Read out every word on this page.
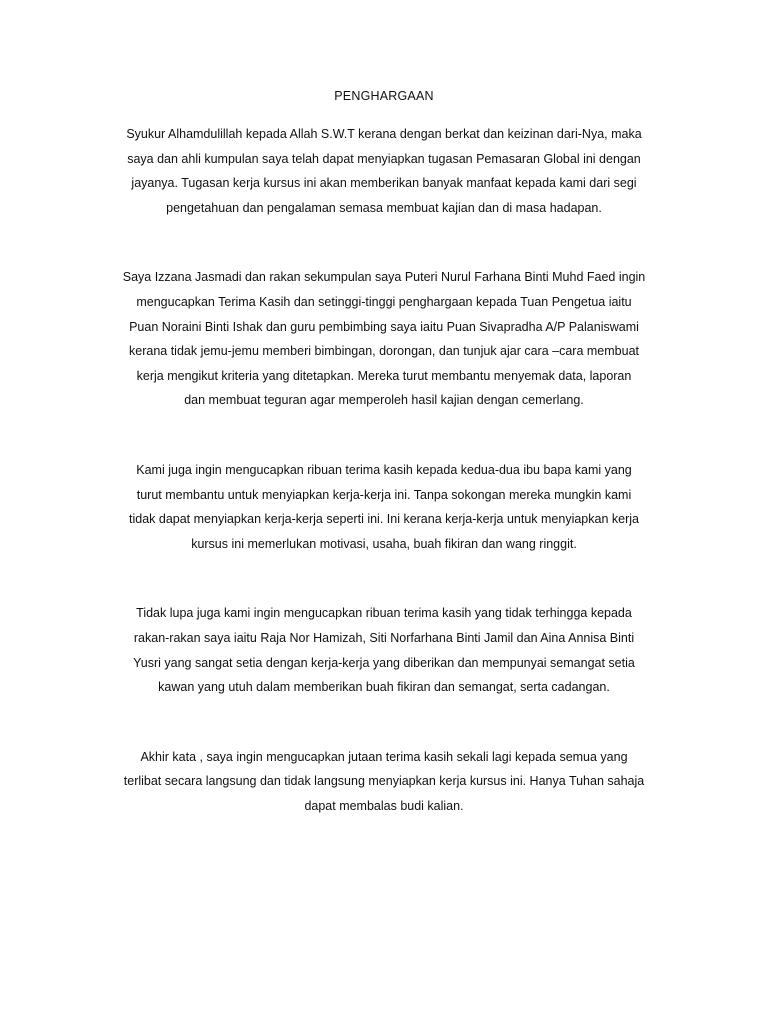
PENGHARGAAN

Syukur Alhamdulillah kepada Allah S.W.T kerana dengan berkat dan keizinan dari-Nya, maka
saya dan ahli kumpulan saya telah dapat menyiapkan tugasan Pemasaran Global ini dengan
jayanya. Tugasan kerja kursus ini akan memberikan banyak manfaat kepada kami dari segi
pengetahuan dan pengalaman semasa membuat kajian dan di masa hadapan.

Saya Izzana Jasmadi dan rakan sekumpulan saya Puteri Nurul Farhana Binti Muhd Faed ingin
mengucapkan Terima Kasih dan setinggi-tinggi penghargaan kepada Tuan Pengetua iaitu
Puan Noraini Binti Ishak dan guru pembimbing saya iaitu Puan Sivapradha A/P Palaniswami
kerana tidak jemu-jemu memberi bimbingan, dorongan, dan tunjuk ajar cara –cara membuat
kerja mengikut kriteria yang ditetapkan. Mereka turut membantu menyemak data, laporan
dan membuat teguran agar memperoleh hasil kajian dengan cemerlang.

Kami juga ingin mengucapkan ribuan terima kasih kepada kedua-dua ibu bapa kami yang
turut membantu untuk menyiapkan kerja-kerja ini. Tanpa sokongan mereka mungkin kami
tidak dapat menyiapkan kerja-kerja seperti ini. Ini kerana kerja-kerja untuk menyiapkan kerja
kursus ini memerlukan motivasi, usaha, buah fikiran dan wang ringgit.

Tidak lupa juga kami ingin mengucapkan ribuan terima kasih yang tidak terhingga kepada
rakan-rakan saya iaitu Raja Nor Hamizah, Siti Norfarhana Binti Jamil dan Aina Annisa Binti
Yusri yang sangat setia dengan kerja-kerja yang diberikan dan mempunyai semangat setia
kawan yang utuh dalam memberikan buah fikiran dan semangat, serta cadangan.

Akhir kata , saya ingin mengucapkan jutaan terima kasih sekali lagi kepada semua yang
terlibat secara langsung dan tidak langsung menyiapkan kerja kursus ini. Hanya Tuhan sahaja
dapat membalas budi kalian.
